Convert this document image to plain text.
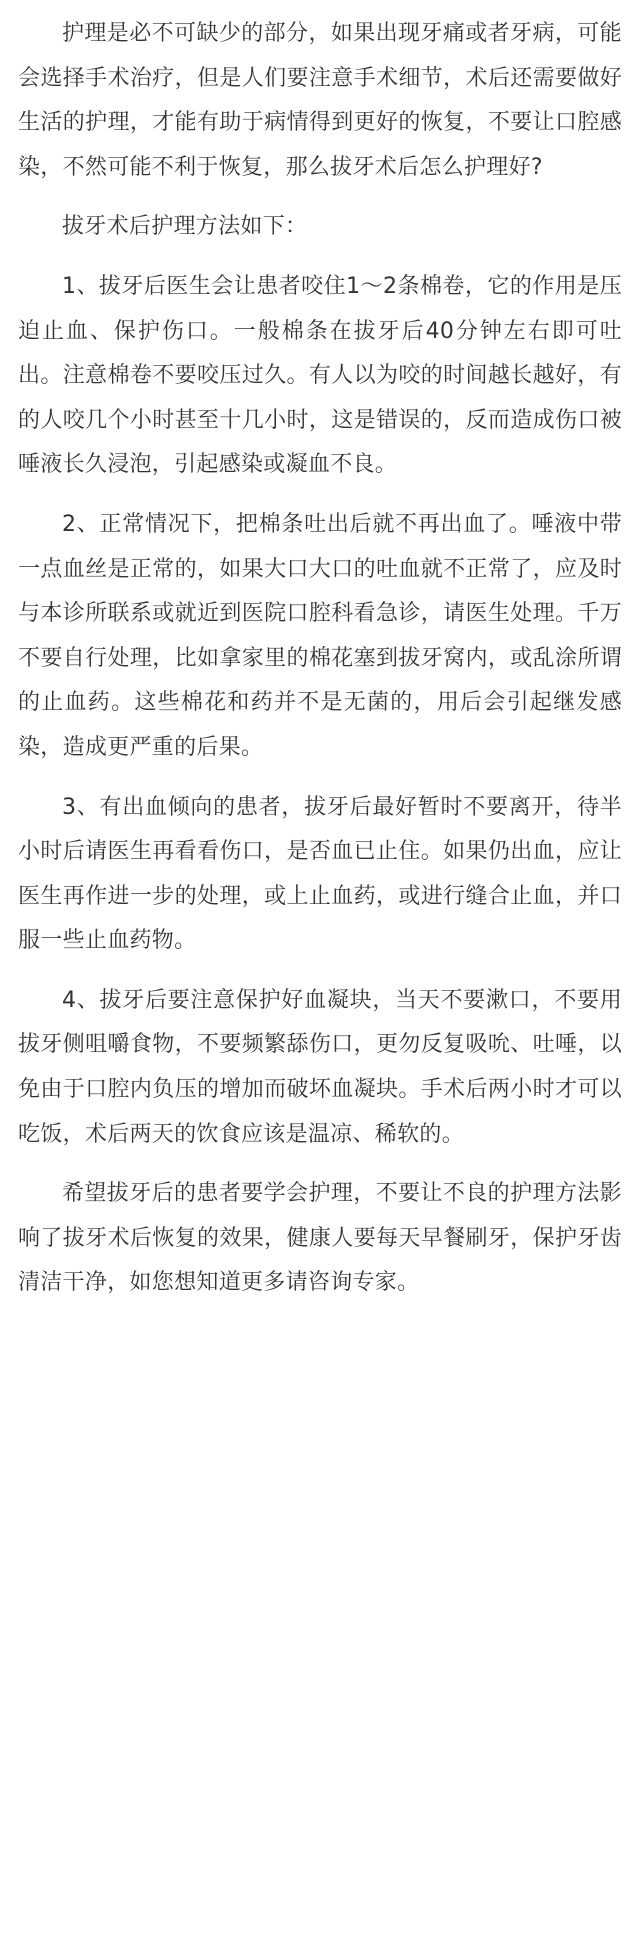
护理是必不可缺少的部分，如果出现牙痛或者牙病，可能会选择手术治疗，但是人们要注意手术细节，术后还需要做好生活的护理，才能有助于病情得到更好的恢复，不要让口腔感染，不然可能不利于恢复，那么拔牙术后怎么护理好?

拔牙术后护理方法如下：

1、拔牙后医生会让患者咬住1～2条棉卷，它的作用是压迫止血、保护伤口。一般棉条在拔牙后40分钟左右即可吐出。注意棉卷不要咬压过久。有人以为咬的时间越长越好，有的人咬几个小时甚至十几小时，这是错误的，反而造成伤口被唾液长久浸泡，引起感染或凝血不良。

2、正常情况下，把棉条吐出后就不再出血了。唾液中带一点血丝是正常的，如果大口大口的吐血就不正常了，应及时与本诊所联系或就近到医院口腔科看急诊，请医生处理。千万不要自行处理，比如拿家里的棉花塞到拔牙窝内，或乱涂所谓的止血药。这些棉花和药并不是无菌的，用后会引起继发感染，造成更严重的后果。

3、有出血倾向的患者，拔牙后最好暂时不要离开，待半小时后请医生再看看伤口，是否血已止住。如果仍出血，应让医生再作进一步的处理，或上止血药，或进行缝合止血，并口服一些止血药物。

4、拔牙后要注意保护好血凝块，当天不要漱口，不要用拔牙侧咀嚼食物，不要频繁舔伤口，更勿反复吸吮、吐唾，以免由于口腔内负压的增加而破坏血凝块。手术后两小时才可以吃饭，术后两天的饮食应该是温凉、稀软的。

希望拔牙后的患者要学会护理，不要让不良的护理方法影响了拔牙术后恢复的效果，健康人要每天早餐刷牙，保护牙齿清洁干净，如您想知道更多请咨询专家。
